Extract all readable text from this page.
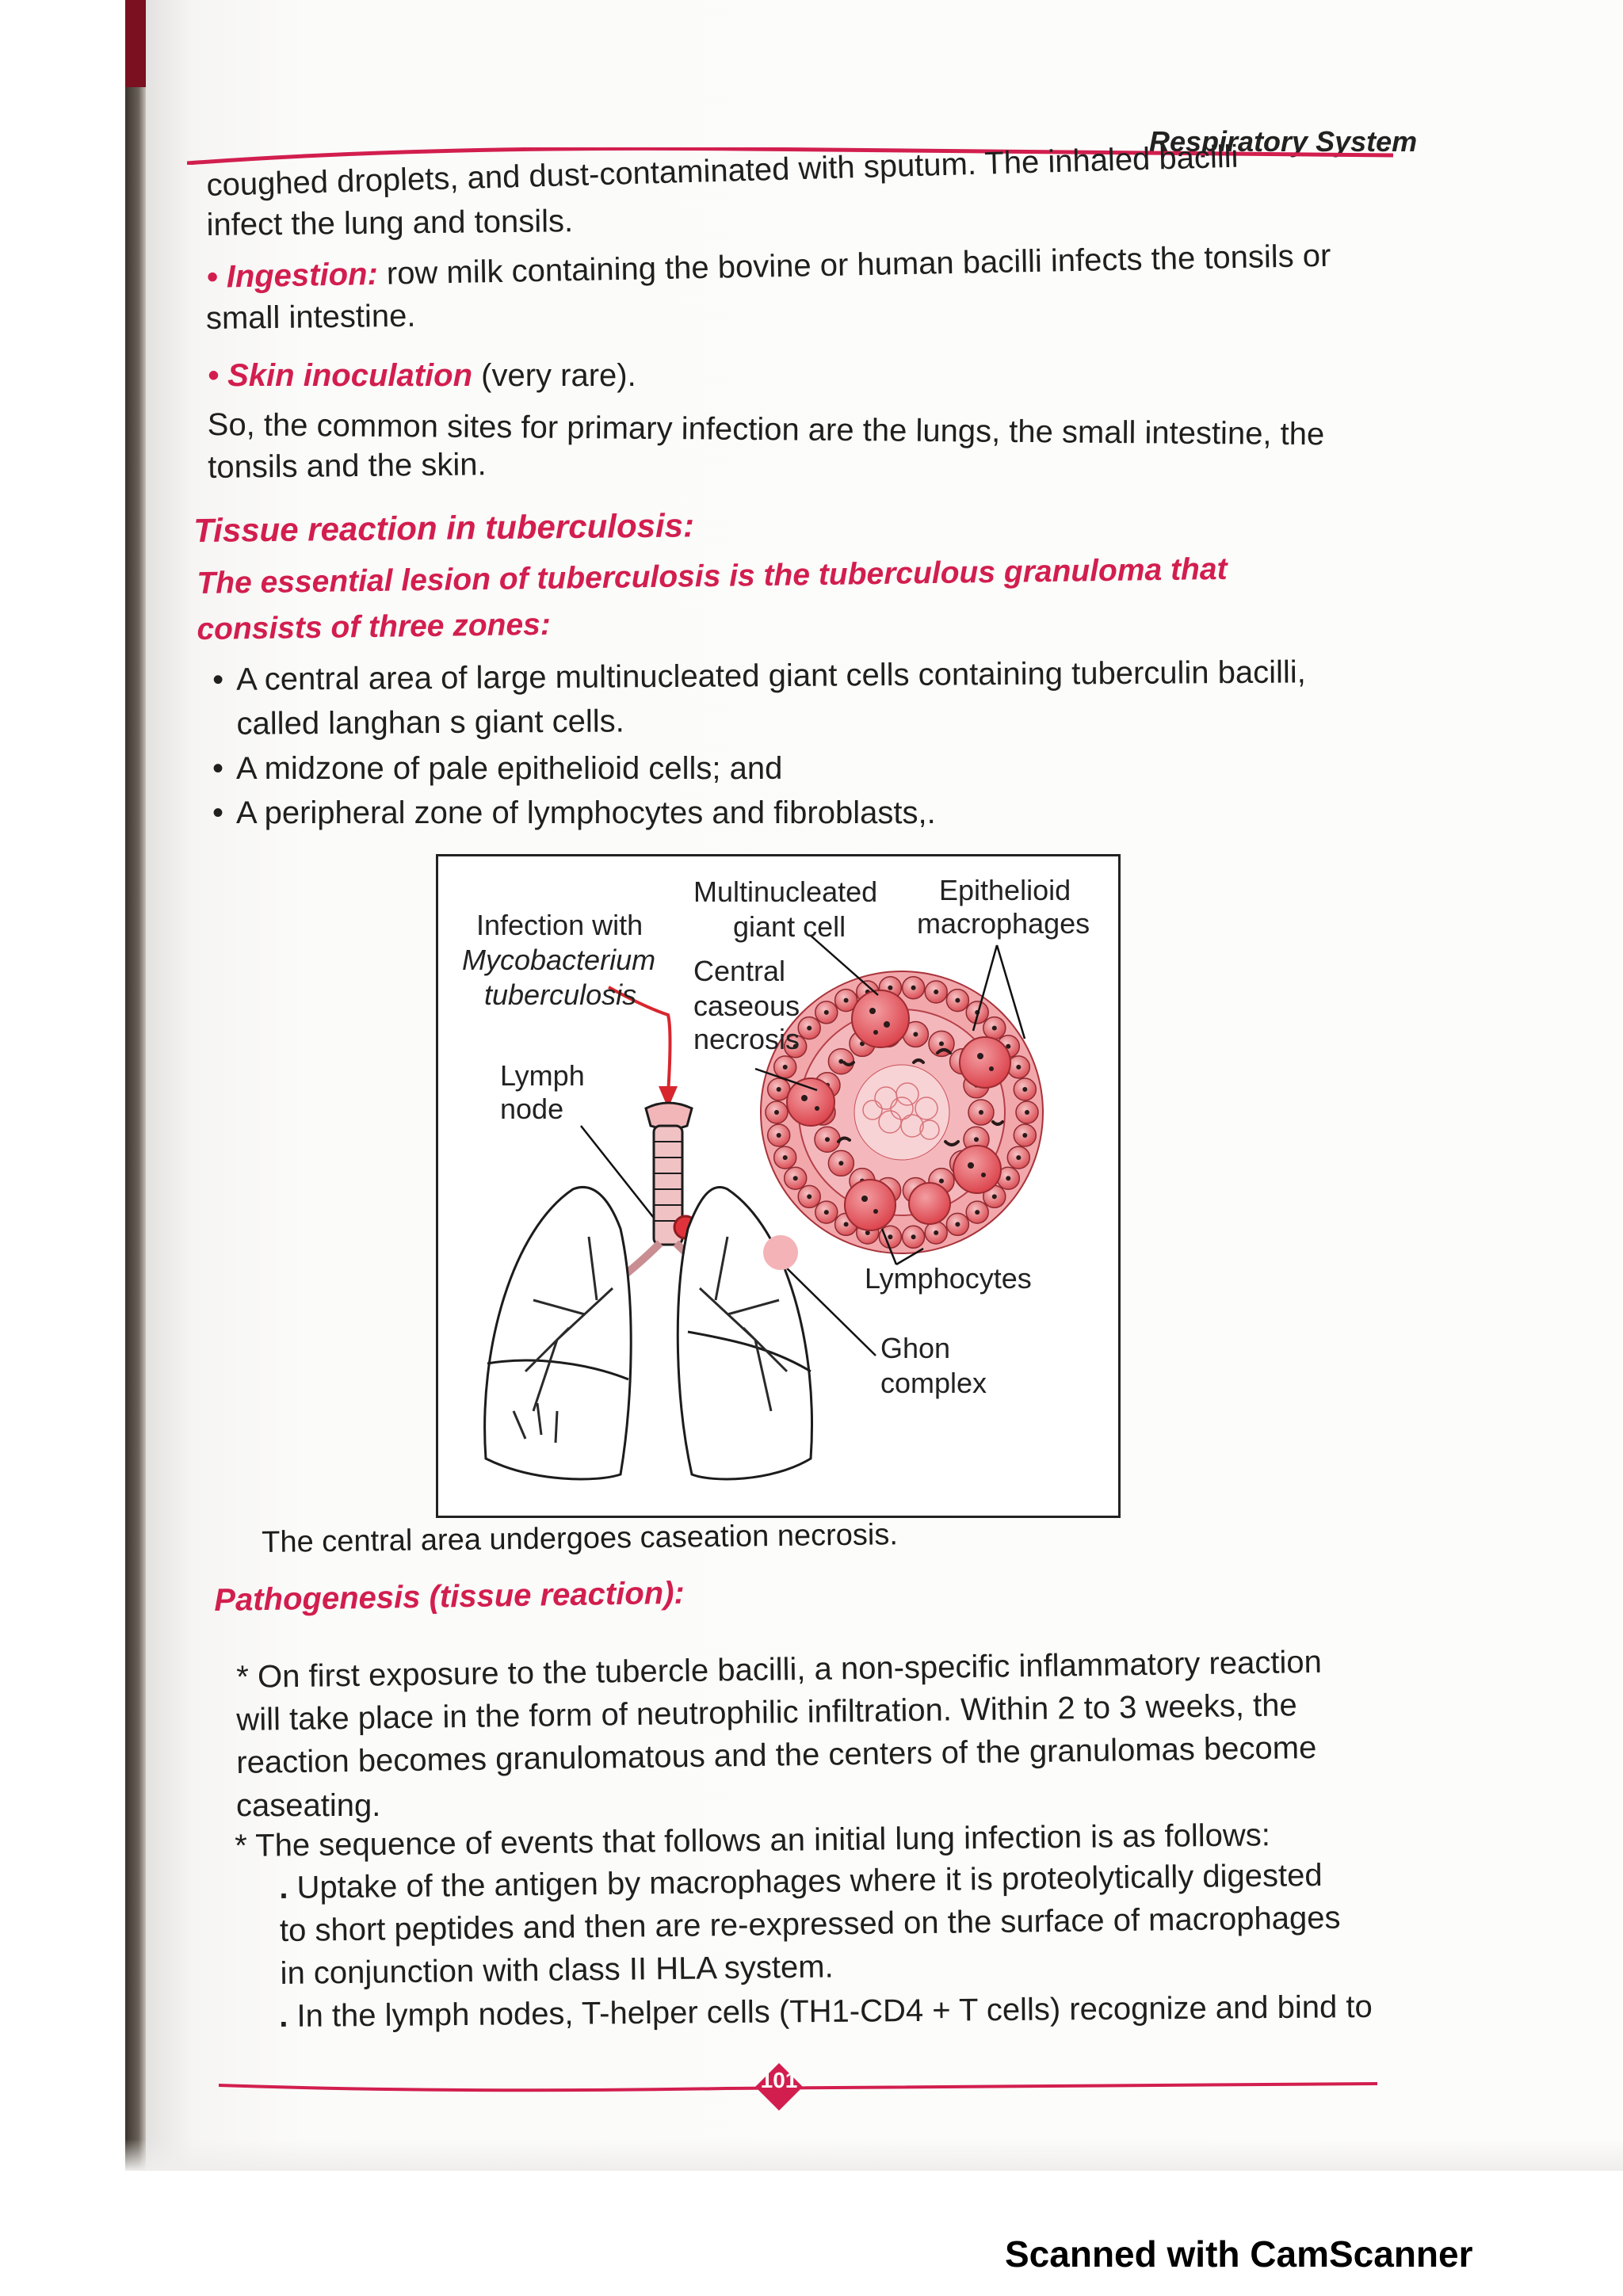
Respiratory System
coughed droplets, and dust-contaminated with sputum. The inhaled bacilli
infect the lung and tonsils.
• Ingestion: row milk containing the bovine or human bacilli infects the tonsils or
small intestine.
• Skin inoculation (very rare).
So, the common sites for primary infection are the lungs, the small intestine, the
tonsils and the skin.
Tissue reaction in tuberculosis:
The essential lesion of tuberculosis is the tuberculous granuloma that
consists of three zones:
• A central area of large multinucleated giant cells containing tuberculin bacilli,
called langhan s giant cells.
• A midzone of pale epithelioid cells; and
• A peripheral zone of lymphocytes and fibroblasts,.
Multinucleated
giant cell
Epithelioid
macrophages
Infection with
Mycobacterium
tuberculosis
Central
caseous
necrosis
Lymph
node
Lymphocytes
Ghon
complex
The central area undergoes caseation necrosis.
Pathogenesis (tissue reaction):
* On first exposure to the tubercle bacilli, a non-specific inflammatory reaction
will take place in the form of neutrophilic infiltration. Within 2 to 3 weeks, the
reaction becomes granulomatous and the centers of the granulomas become
caseating.
* The sequence of events that follows an initial lung infection is as follows:
. Uptake of the antigen by macrophages where it is proteolytically digested
to short peptides and then are re-expressed on the surface of macrophages
in conjunction with class II HLA system.
. In the lymph nodes, T-helper cells (TH1-CD4 + T cells) recognize and bind to
101
Scanned with CamScanner
